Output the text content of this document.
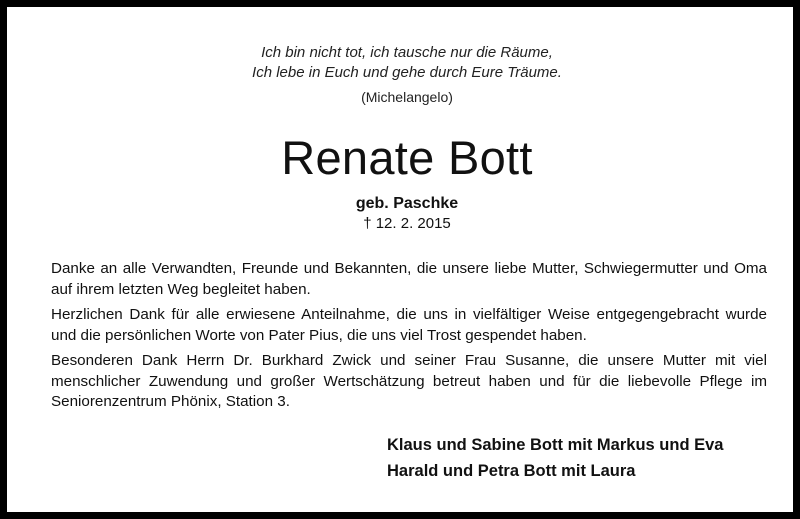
Ich bin nicht tot, ich tausche nur die Räume,
Ich lebe in Euch und gehe durch Eure Träume.
(Michelangelo)
Renate Bott
geb. Paschke
† 12. 2. 2015
Danke an alle Verwandten, Freunde und Bekannten, die unsere liebe Mutter, Schwiegermutter und Oma auf ihrem letzten Weg begleitet haben.
Herzlichen Dank für alle erwiesene Anteilnahme, die uns in vielfältiger Weise entgegengebracht wurde und die persönlichen Worte von Pater Pius, die uns viel Trost gespendet haben.
Besonderen Dank Herrn Dr. Burkhard Zwick und seiner Frau Susanne, die unsere Mutter mit viel menschlicher Zuwendung und großer Wertschätzung betreut haben und für die liebevolle Pflege im Seniorenzentrum Phönix, Station 3.
Klaus und Sabine Bott mit Markus und Eva
Harald und Petra Bott mit Laura
